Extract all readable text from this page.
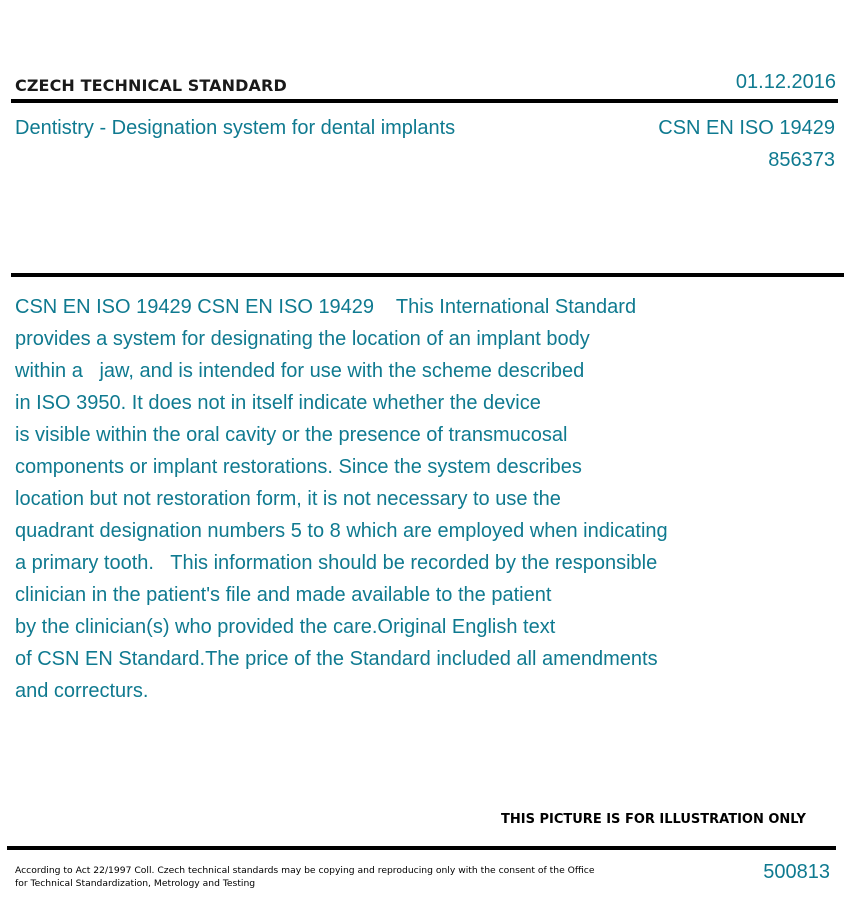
CZECH TECHNICAL STANDARD	01.12.2016
Dentistry - Designation system for dental implants	CSN EN ISO 19429
856373
CSN EN ISO 19429 CSN EN ISO 19429    This International Standard
provides a system for designating the location of an implant body
within a   jaw, and is intended for use with the scheme described
in ISO 3950. It does not in itself indicate whether the device
is visible within the oral cavity or the presence of transmucosal
components or implant restorations. Since the system describes
location but not restoration form, it is not necessary to use the
quadrant designation numbers 5 to 8 which are employed when indicating
a primary tooth.   This information should be recorded by the responsible
clinician in the patient's file and made available to the patient
by the clinician(s) who provided the care.Original English text
of CSN EN Standard.The price of the Standard included all amendments
and correcturs.
THIS PICTURE IS FOR ILLUSTRATION ONLY
According to Act 22/1997 Coll. Czech technical standards may be copying and reproducing only with the consent of the Office
for Technical Standardization, Metrology and Testing
500813
